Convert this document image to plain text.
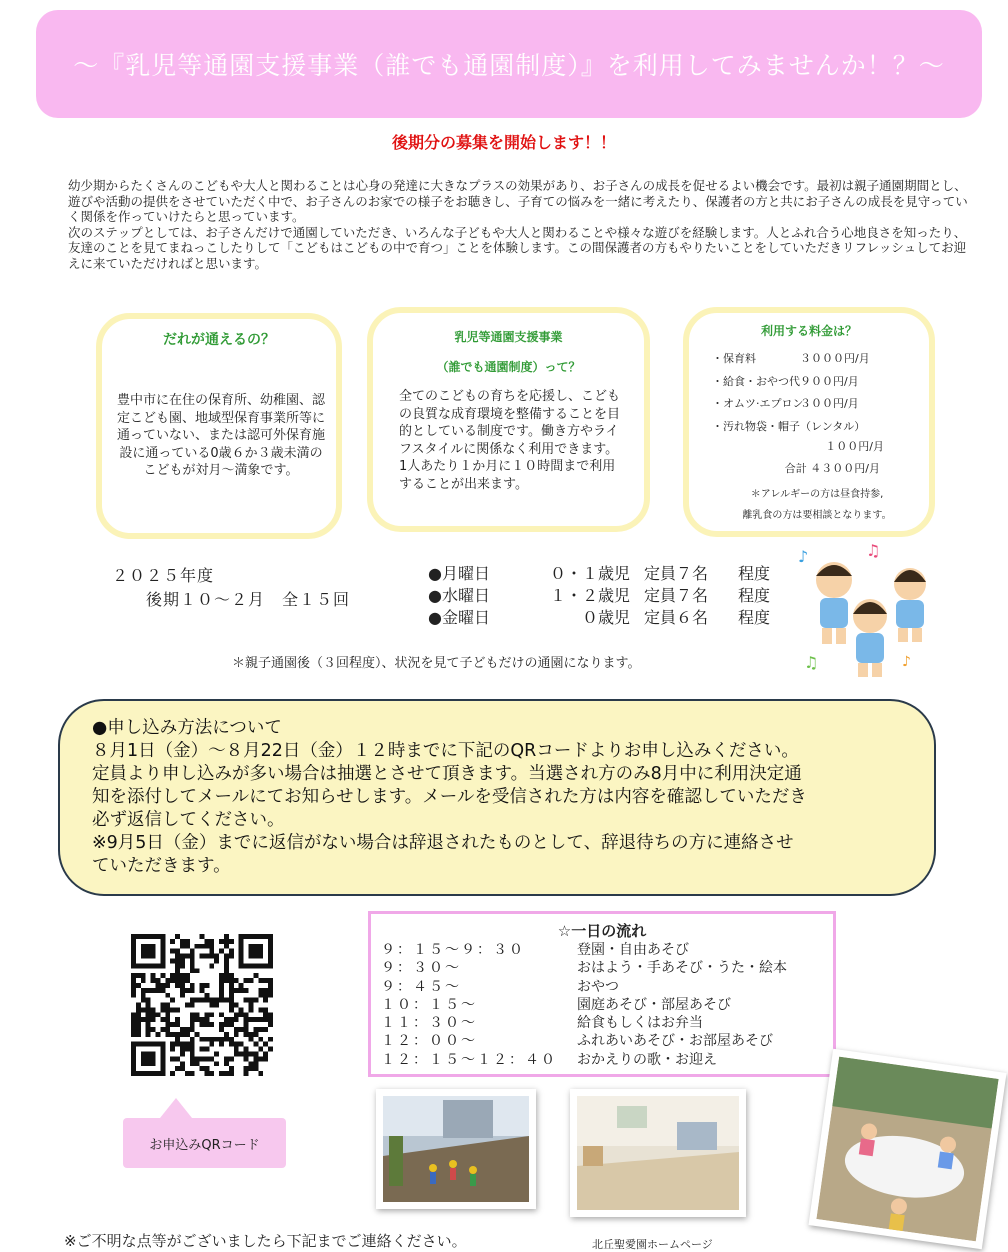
〜『乳児等通園支援事業（誰でも通園制度）』を利用してみませんか！？〜
後期分の募集を開始します！！

幼少期からたくさんのこどもや大人と関わることは心身の発達に大きなプラスの効果があり、お子さんの成長を促せるよい機会です。最初は親子通園期間とし、遊びや活動の提供をさせていただく中で、お子さんのお家での様子をお聴きし、子育ての悩みを一緒に考えたり、保護者の方と共にお子さんの成長を見守っていく関係を作っていけたらと思っています。

次のステップとしては、お子さんだけで通園していただき、いろんな子どもや大人と関わることや様々な遊びを経験します。人とふれ合う心地良さを知ったり、友達のことを見てまねっこしたりして「こどもはこどもの中で育つ」ことを体験します。この間保護者の方もやりたいことをしていただきリフレッシュしてお迎えに来ていただければと思います。

だれが通えるの？
豊中市に在住の保育所、幼稚園、認定こども園、地域型保育事業所等に通っていない、または認可外保育施設に通っている0歳６か３歳未満のこどもが対月〜満象です。
乳児等通園支援事業
（誰でも通園制度）って？
全てのこどもの育ちを応援し、こどもの良質な成育環境を整備することを目的としている制度です。働き方やライフスタイルに関係なく利用できます。1人あたり１か月に１０時間まで利用することが出来ます。
利用する料金は？
・保育料	３０００円/月
・給食・おやつ代９００円/月
・オムツ·エプロン３００円/月
・汚れ物袋・帽子（レンタル）
１００円/月
合計 ４３００円/月
＊アレルギーの方は昼食持参,
離乳食の方は要相談となります。
２０２５年度
後期１０〜２月　全１５回
●月曜日	０・１歳児 定員７名 程度
●水曜日	１・２歳児 定員７名 程度
●金曜日	０歳児 定員６名 程度
＊親子通園後（３回程度）、状況を見て子どもだけの通園になります。
♪	♫
♫	♪

●申し込み方法について

８月1日（金）〜８月22日（金）１２時までに下記のQRコードよりお申し込みください。

定員より申し込みが多い場合は抽選とさせて頂きます。当選され方のみ8月中に利用決定通

知を添付してメールにてお知らせします。メールを受信された方は内容を確認していただき

必ず返信してください。

※9月5日（金）までに返信がない場合は辞退されたものとして、辞退待ちの方に連絡させ

ていただきます。

お申込みQRコード
☆一日の流れ
９：１５〜９：３０	登園・自由あそび
９：３０〜	おはよう・手あそび・うた・絵本
９：４５〜	おやつ
１０：１５〜	園庭あそび・部屋あそび
１１：３０〜	給食もしくはお弁当
１２：００〜	ふれあいあそび・お部屋あそび
１２：１５〜１２：４０ おかえりの歌・お迎え
※ご不明な点等がございましたら下記までご連絡ください。	北丘聖愛園ホームページ
